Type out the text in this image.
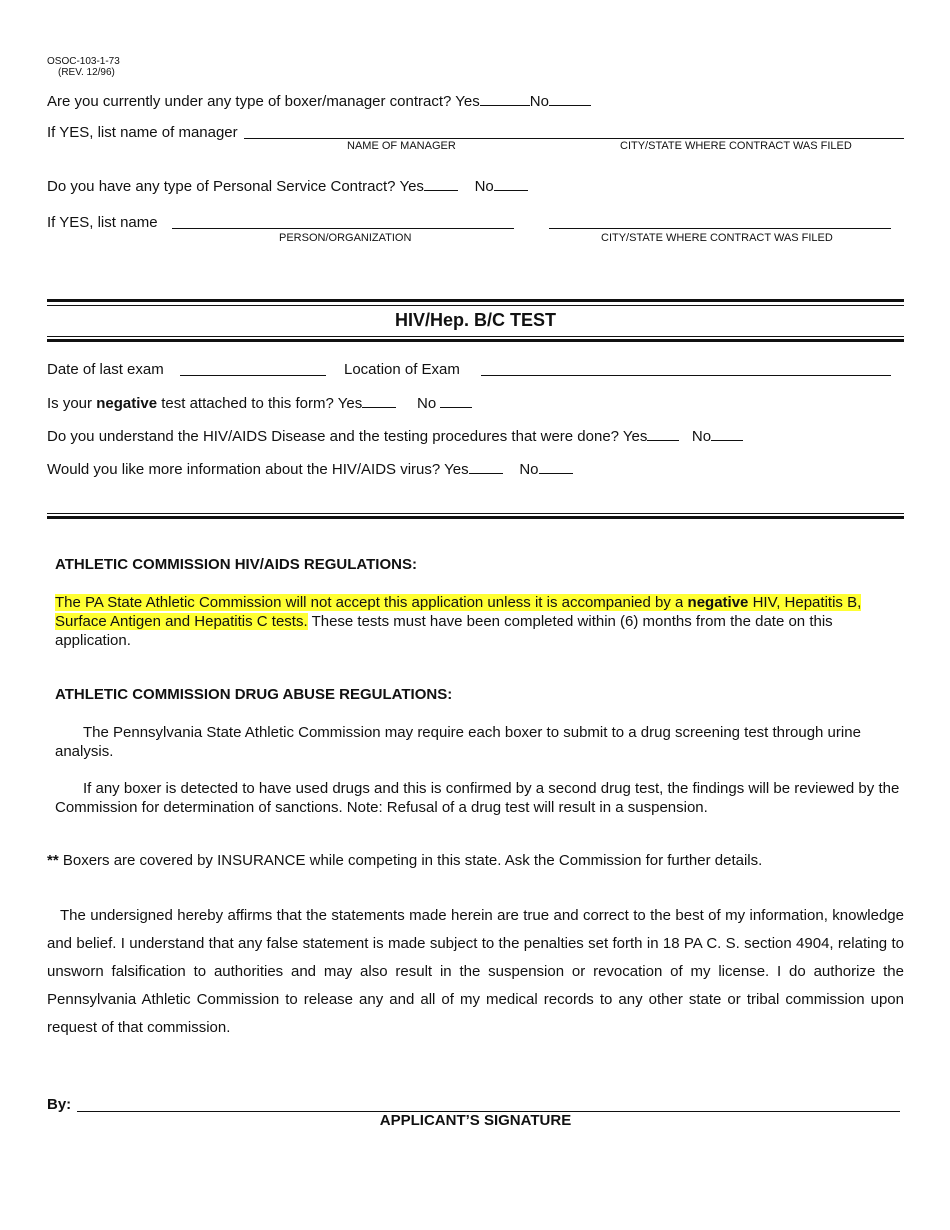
OSOC-103-1-73
(REV. 12/96)
Are you currently under any type of boxer/manager contract? Yes	No
If YES, list name of manager
NAME OF MANAGER	CITY/STATE WHERE CONTRACT WAS FILED
Do you have any type of Personal Service Contract? Yes	No
If YES, list name
PERSON/ORGANIZATION	CITY/STATE WHERE CONTRACT WAS FILED
HIV/Hep. B/C TEST
Date of last exam	Location of Exam
Is your negative test attached to this form? Yes	No
Do you understand the HIV/AIDS Disease and the testing procedures that were done? Yes	No
Would you like more information about the HIV/AIDS virus? Yes	No
ATHLETIC COMMISSION HIV/AIDS REGULATIONS:
The PA State Athletic Commission will not accept this application unless it is accompanied by a negative HIV, Hepatitis B, Surface Antigen and Hepatitis C tests. These tests must have been completed within (6) months from the date on this application.
ATHLETIC COMMISSION DRUG ABUSE REGULATIONS:
The Pennsylvania State Athletic Commission may require each boxer to submit to a drug screening test through urine analysis.
If any boxer is detected to have used drugs and this is confirmed by a second drug test, the findings will be reviewed by the Commission for determination of sanctions. Note: Refusal of a drug test will result in a suspension.
** Boxers are covered by INSURANCE while competing in this state. Ask the Commission for further details.
The undersigned hereby affirms that the statements made herein are true and correct to the best of my information, knowledge and belief. I understand that any false statement is made subject to the penalties set forth in 18 PA C. S. section 4904, relating to unsworn falsification to authorities and may also result in the suspension or revocation of my license. I do authorize the Pennsylvania Athletic Commission to release any and all of my medical records to any other state or tribal commission upon request of that commission.
By:
APPLICANT’S SIGNATURE
